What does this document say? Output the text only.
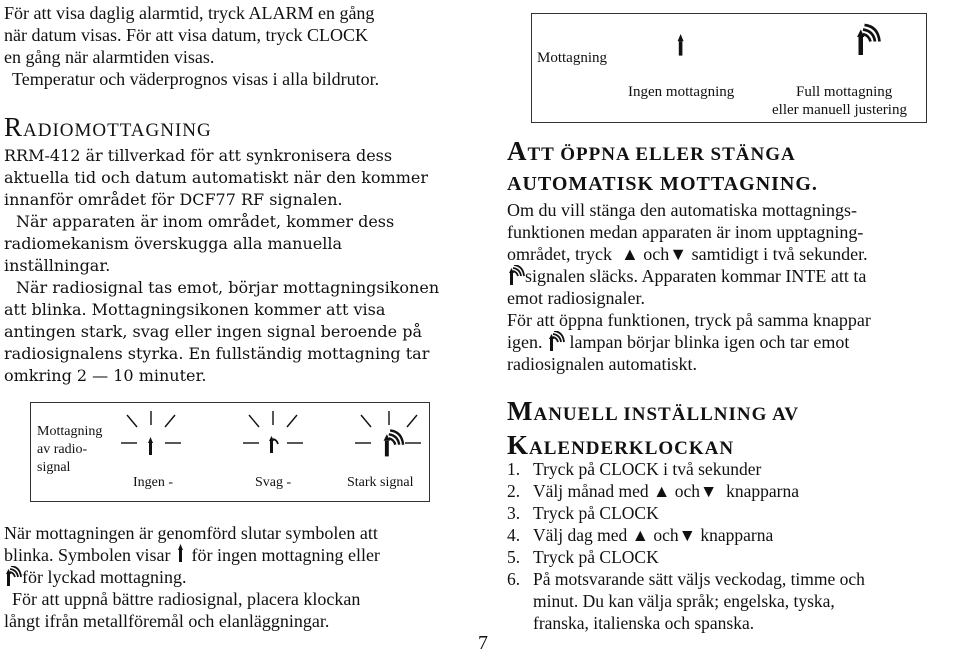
För att visa daglig alarmtid, tryck ALARM en gång

när datum visas. För att visa datum, tryck CLOCK

en gång när alarmtiden visas.

Temperatur och väderprognos visas i alla bildrutor.

RADIOMOTTAGNING

RRM-412 är tillverkad för att synkronisera dess

aktuella tid och datum automatiskt när den kommer

innanför området för DCF77 RF signalen.

När apparaten är inom området, kommer dess

radiomekanism överskugga alla manuella

inställningar.

När radiosignal tas emot, börjar mottagningsikonen

att blinka. Mottagningsikonen kommer att visa

antingen stark, svag eller ingen signal beroende på

radiosignalens styrka. En fullständig mottagning tar

omkring 2 — 10 minuter.

Mottagning
av radio-
signal
Ingen -	Svag -	Stark signal

När mottagningen är genomförd slutar symbolen att

blinka. Symbolen visar för ingen mottagning eller

för lyckad mottagning.

För att uppnå bättre radiosignal, placera klockan

långt ifrån metallföremål och elanläggningar.

Mottagning
Ingen mottagning	Full mottagning
eller manuell justering
ATT ÖPPNA ELLER STÄNGA
AUTOMATISK MOTTAGNING.

Om du vill stänga den automatiska mottagnings-

funktionen medan apparaten är inom upptagning-

området, tryck ▲ och▼ samtidigt i två sekunder.

signalen släcks. Apparaten kommar INTE att ta

emot radiosignaler.

För att öppna funktionen, tryck på samma knappar

igen. lampan börjar blinka igen och tar emot

radiosignalen automatiskt.

MANUELL INSTÄLLNING AV
KALENDERKLOCKAN
1. Tryck på CLOCK i två sekunder
2. Välj månad med ▲ och▼ knapparna
3. Tryck på CLOCK
4. Välj dag med ▲ och▼ knapparna
5. Tryck på CLOCK
6. På motsvarande sätt väljs veckodag, timme och
minut. Du kan välja språk; engelska, tyska,
franska, italienska och spanska.
7
